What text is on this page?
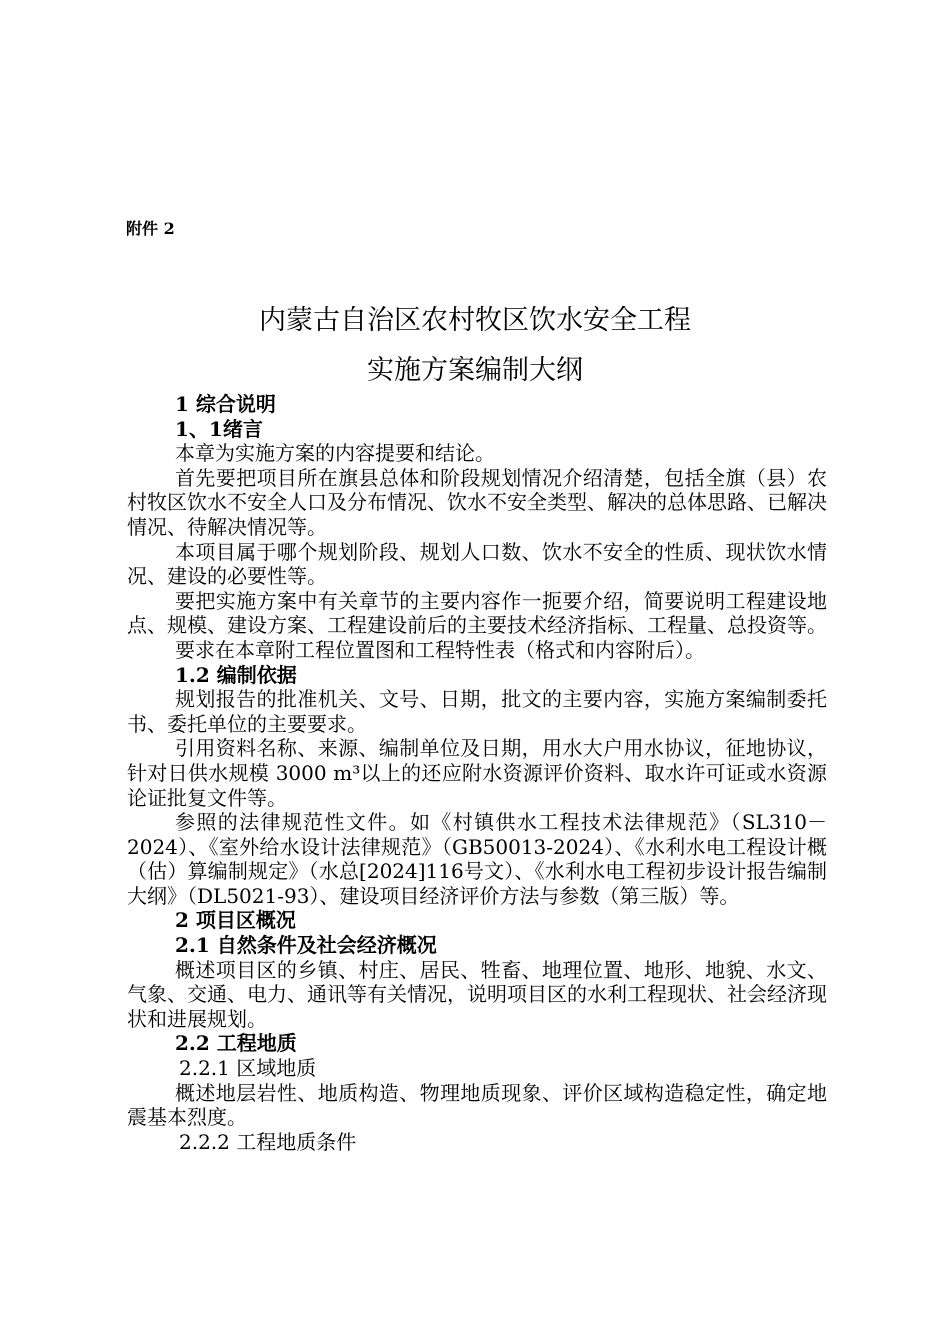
附件 2
内蒙古自治区农村牧区饮水安全工程
实施方案编制大纲

1 综合说明

1、1绪言

本章为实施方案的内容提要和结论。

首先要把项目所在旗县总体和阶段规划情况介绍清楚，包括全旗（县）农村牧区饮水不安全人口及分布情况、饮水不安全类型、解决的总体思路、已解决情况、待解决情况等。

本项目属于哪个规划阶段、规划人口数、饮水不安全的性质、现状饮水情况、建设的必要性等。

要把实施方案中有关章节的主要内容作一扼要介绍，简要说明工程建设地点、规模、建设方案、工程建设前后的主要技术经济指标、工程量、总投资等。

要求在本章附工程位置图和工程特性表（格式和内容附后）。

1.2 编制依据

规划报告的批准机关、文号、日期，批文的主要内容，实施方案编制委托书、委托单位的主要要求。

引用资料名称、来源、编制单位及日期，用水大户用水协议，征地协议，针对日供水规模 3000 m³以上的还应附水资源评价资料、取水许可证或水资源论证批复文件等。

参照的法律规范性文件。如《村镇供水工程技术法律规范》（SL310－2024）、《室外给水设计法律规范》（GB50013-2024）、《水利水电工程设计概（估）算编制规定》（水总[2024]116号文）、《水利水电工程初步设计报告编制大纲》（DL5021-93）、建设项目经济评价方法与参数（第三版）等。

2 项目区概况

2.1 自然条件及社会经济概况

概述项目区的乡镇、村庄、居民、牲畜、地理位置、地形、地貌、水文、气象、交通、电力、通讯等有关情况，说明项目区的水利工程现状、社会经济现状和进展规划。

2.2 工程地质

2.2.1 区域地质

概述地层岩性、地质构造、物理地质现象、评价区域构造稳定性，确定地震基本烈度。

2.2.2 工程地质条件
